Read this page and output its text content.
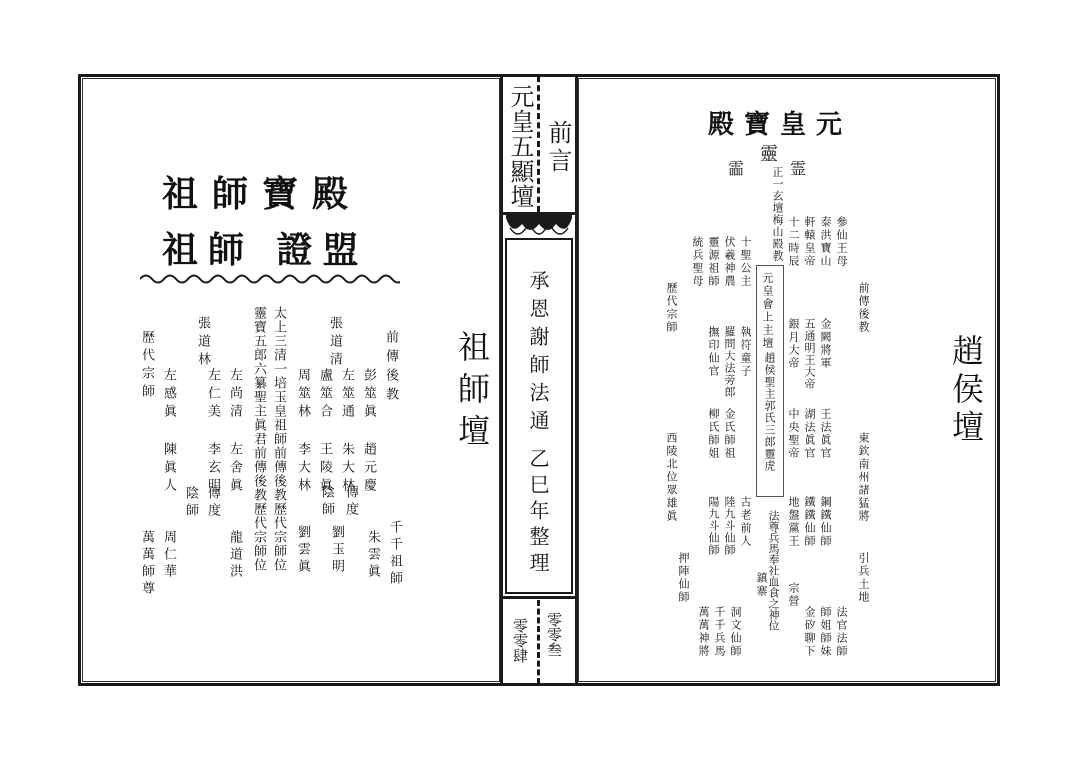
殿寶師祖
盟證 師祖
祖師壇
前傳後教
彭筮眞 趙元慶
左筮通 朱大林
盧筮合 王陵眞
張道清
周筮林 李大林
太上三清一培玉皇祖師前傳後教歷代宗師位
靈寶五郎六纂聖主眞君前傳後教歷代宗師位
左尚清 左舍眞
左仁美 李玄明
張道林
左感眞 陳眞人
歷代宗師
千千祖師
朱雲眞
傳度
劉玉明
陰師
劉雲眞
龍道洪
傳度
陰師
周仁華
萬萬師尊
元皇五顯壇 前言
承恩謝師法通
乙巳年整理
零零叁
零零肆
元皇寶殿
趙侯壇
靈
霝	霊
元皇會上主壇
趙侯聖主郭氏三郎靈虎
東欽南州諸猛將
前傳後教
參仙王母
泰洪寶山
軒轅皇帝
十二時辰
金闕將軍
五通明王大帝
銀月大帝
王法眞官
湖法眞官
中央聖帝
鋼鐵仙師
鐵鐵仙師
地盤黨王
引兵土地
法官法師
師姐師妹
金矽聊下
宗營
正一玄壇梅山殿教
十聖公主
伏羲神農
靈源祖師
統兵聖母
歷代宗師
執符童子
羅問大法旁郎
撫印仙官
金氏師祖
柳氏師姐
西陵北位眾雄眞	古老前人
陸九斗仙師
陽九斗仙師
押陣仙師	鎮寨
洞文仙師
千千兵馬
萬萬神將
法尊兵馬奉社血食之神位
